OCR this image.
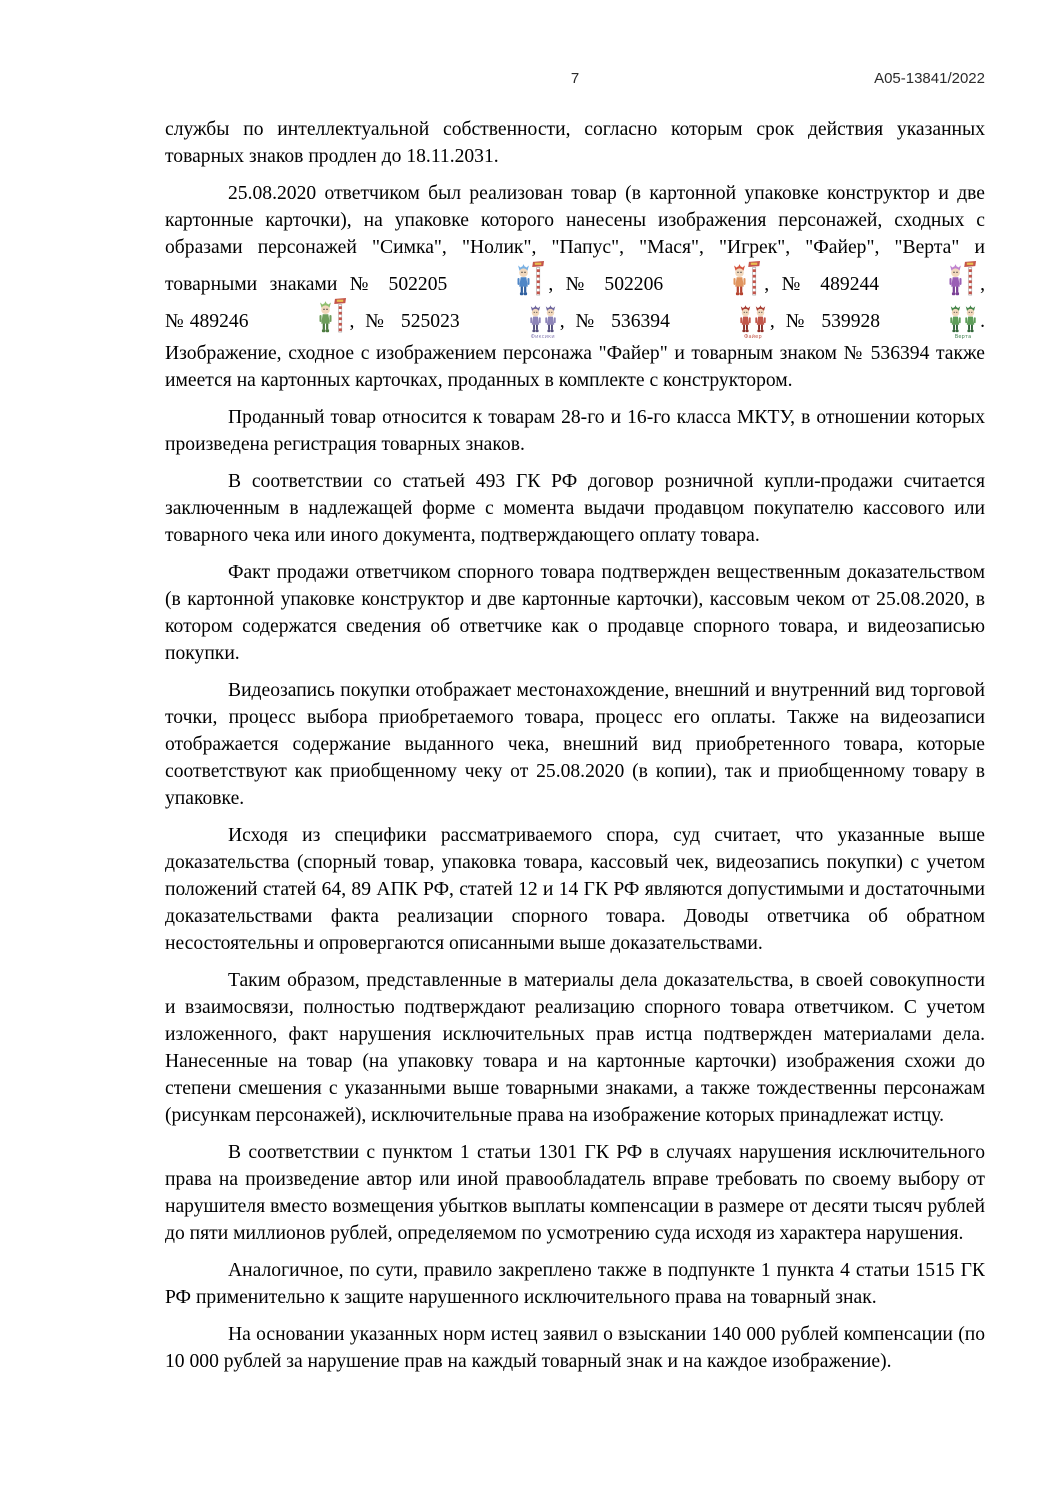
7	А05-13841/2022

службы по интеллектуальной собственности, согласно которым срок действия указанных товарных знаков продлен до 18.11.2031.

25.08.2020 ответчиком был реализован товар (в картонной упаковке конструктор и две картонные карточки), на упаковке которого нанесены изображения персонажей, сходных с образами персонажей "Симка", "Нолик", "Папус", "Мася", "Игрек", "Файер", "Верта" и товарными знаками № 502205	, № 502206	, № 489244	, №489246	, № 525023
Фиксики
, № 536394
Файер
, № 539928
Верта
. Изображение, сходное с изображением персонажа "Файер" и товарным знаком № 536394 также имеется на картонных карточках, проданных в комплекте с конструктором.

Проданный товар относится к товарам 28-го и 16-го класса МКТУ, в отношении которых произведена регистрация товарных знаков.

В соответствии со статьей 493 ГК РФ договор розничной купли-продажи считается заключенным в надлежащей форме с момента выдачи продавцом покупателю кассового или товарного чека или иного документа, подтверждающего оплату товара.

Факт продажи ответчиком спорного товара подтвержден вещественным доказательством (в картонной упаковке конструктор и две картонные карточки), кассовым чеком от 25.08.2020, в котором содержатся сведения об ответчике как о продавце спорного товара, и видеозаписью покупки.

Видеозапись покупки отображает местонахождение, внешний и внутренний вид торговой точки, процесс выбора приобретаемого товара, процесс его оплаты. Также на видеозаписи отображается содержание выданного чека, внешний вид приобретенного товара, которые соответствуют как приобщенному чеку от 25.08.2020 (в копии), так и приобщенному товару в упаковке.

Исходя из специфики рассматриваемого спора, суд считает, что указанные выше доказательства (спорный товар, упаковка товара, кассовый чек, видеозапись покупки) с учетом положений статей 64, 89 АПК РФ, статей 12 и 14 ГК РФ являются допустимыми и достаточными доказательствами факта реализации спорного товара. Доводы ответчика об обратном несостоятельны и опровергаются описанными выше доказательствами.

Таким образом, представленные в материалы дела доказательства, в своей совокупности и взаимосвязи, полностью подтверждают реализацию спорного товара ответчиком. С учетом изложенного, факт нарушения исключительных прав истца подтвержден материалами дела. Нанесенные на товар (на упаковку товара и на картонные карточки) изображения схожи до степени смешения с указанными выше товарными знаками, а также тождественны персонажам (рисункам персонажей), исключительные права на изображение которых принадлежат истцу.

В соответствии с пунктом 1 статьи 1301 ГК РФ в случаях нарушения исключительного права на произведение автор или иной правообладатель вправе требовать по своему выбору от нарушителя вместо возмещения убытков выплаты компенсации в размере от десяти тысяч рублей до пяти миллионов рублей, определяемом по усмотрению суда исходя из характера нарушения.

Аналогичное, по сути, правило закреплено также в подпункте 1 пункта 4 статьи 1515 ГК РФ применительно к защите нарушенного исключительного права на товарный знак.

На основании указанных норм истец заявил о взыскании 140 000 рублей компенсации (по 10 000 рублей за нарушение прав на каждый товарный знак и на каждое изображение).
